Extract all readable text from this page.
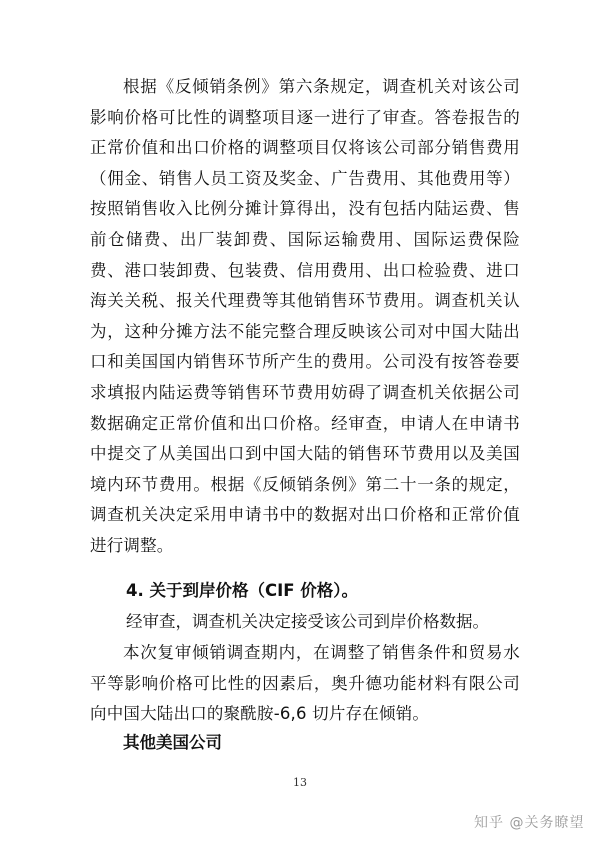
根据《反倾销条例》第六条规定，调查机关对该公司影响价格可比性的调整项目逐一进行了审查。答卷报告的正常价值和出口价格的调整项目仅将该公司部分销售费用（佣金、销售人员工资及奖金、广告费用、其他费用等）按照销售收入比例分摊计算得出，没有包括内陆运费、售前仓储费、出厂装卸费、国际运输费用、国际运费保险费、港口装卸费、包装费、信用费用、出口检验费、进口海关关税、报关代理费等其他销售环节费用。调查机关认为，这种分摊方法不能完整合理反映该公司对中国大陆出口和美国国内销售环节所产生的费用。公司没有按答卷要求填报内陆运费等销售环节费用妨碍了调查机关依据公司数据确定正常价值和出口价格。经审查，申请人在申请书中提交了从美国出口到中国大陆的销售环节费用以及美国境内环节费用。根据《反倾销条例》第二十一条的规定，调查机关决定采用申请书中的数据对出口价格和正常价值进行调整。

4. 关于到岸价格（CIF 价格）。
经审查，调查机关决定接受该公司到岸价格数据。

本次复审倾销调查期内，在调整了销售条件和贸易水平等影响价格可比性的因素后，奥升德功能材料有限公司向中国大陆出口的聚酰胺-6,6 切片存在倾销。

其他美国公司
13
知乎 @关务瞭望
